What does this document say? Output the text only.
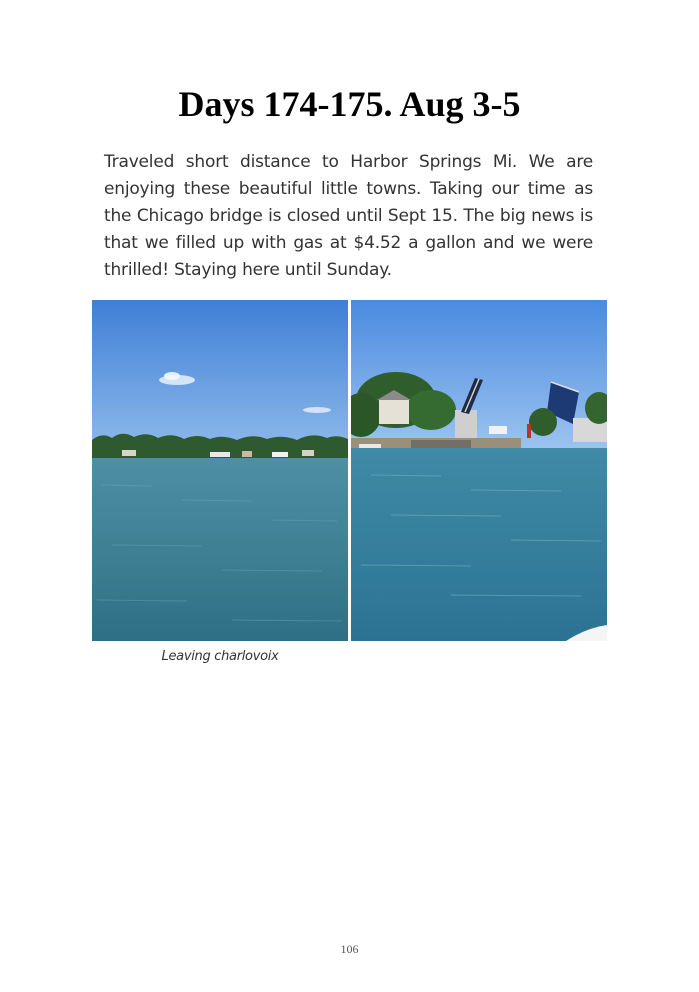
Days 174-175. Aug 3-5

Traveled short distance to Harbor Springs Mi. We are enjoying these beautiful little towns. Taking our time as the Chicago bridge is closed until Sept 15. The big news is that we filled up with gas at $4.52 a gallon and we were thrilled! Staying here until Sunday.

Leaving charlovoix

106
